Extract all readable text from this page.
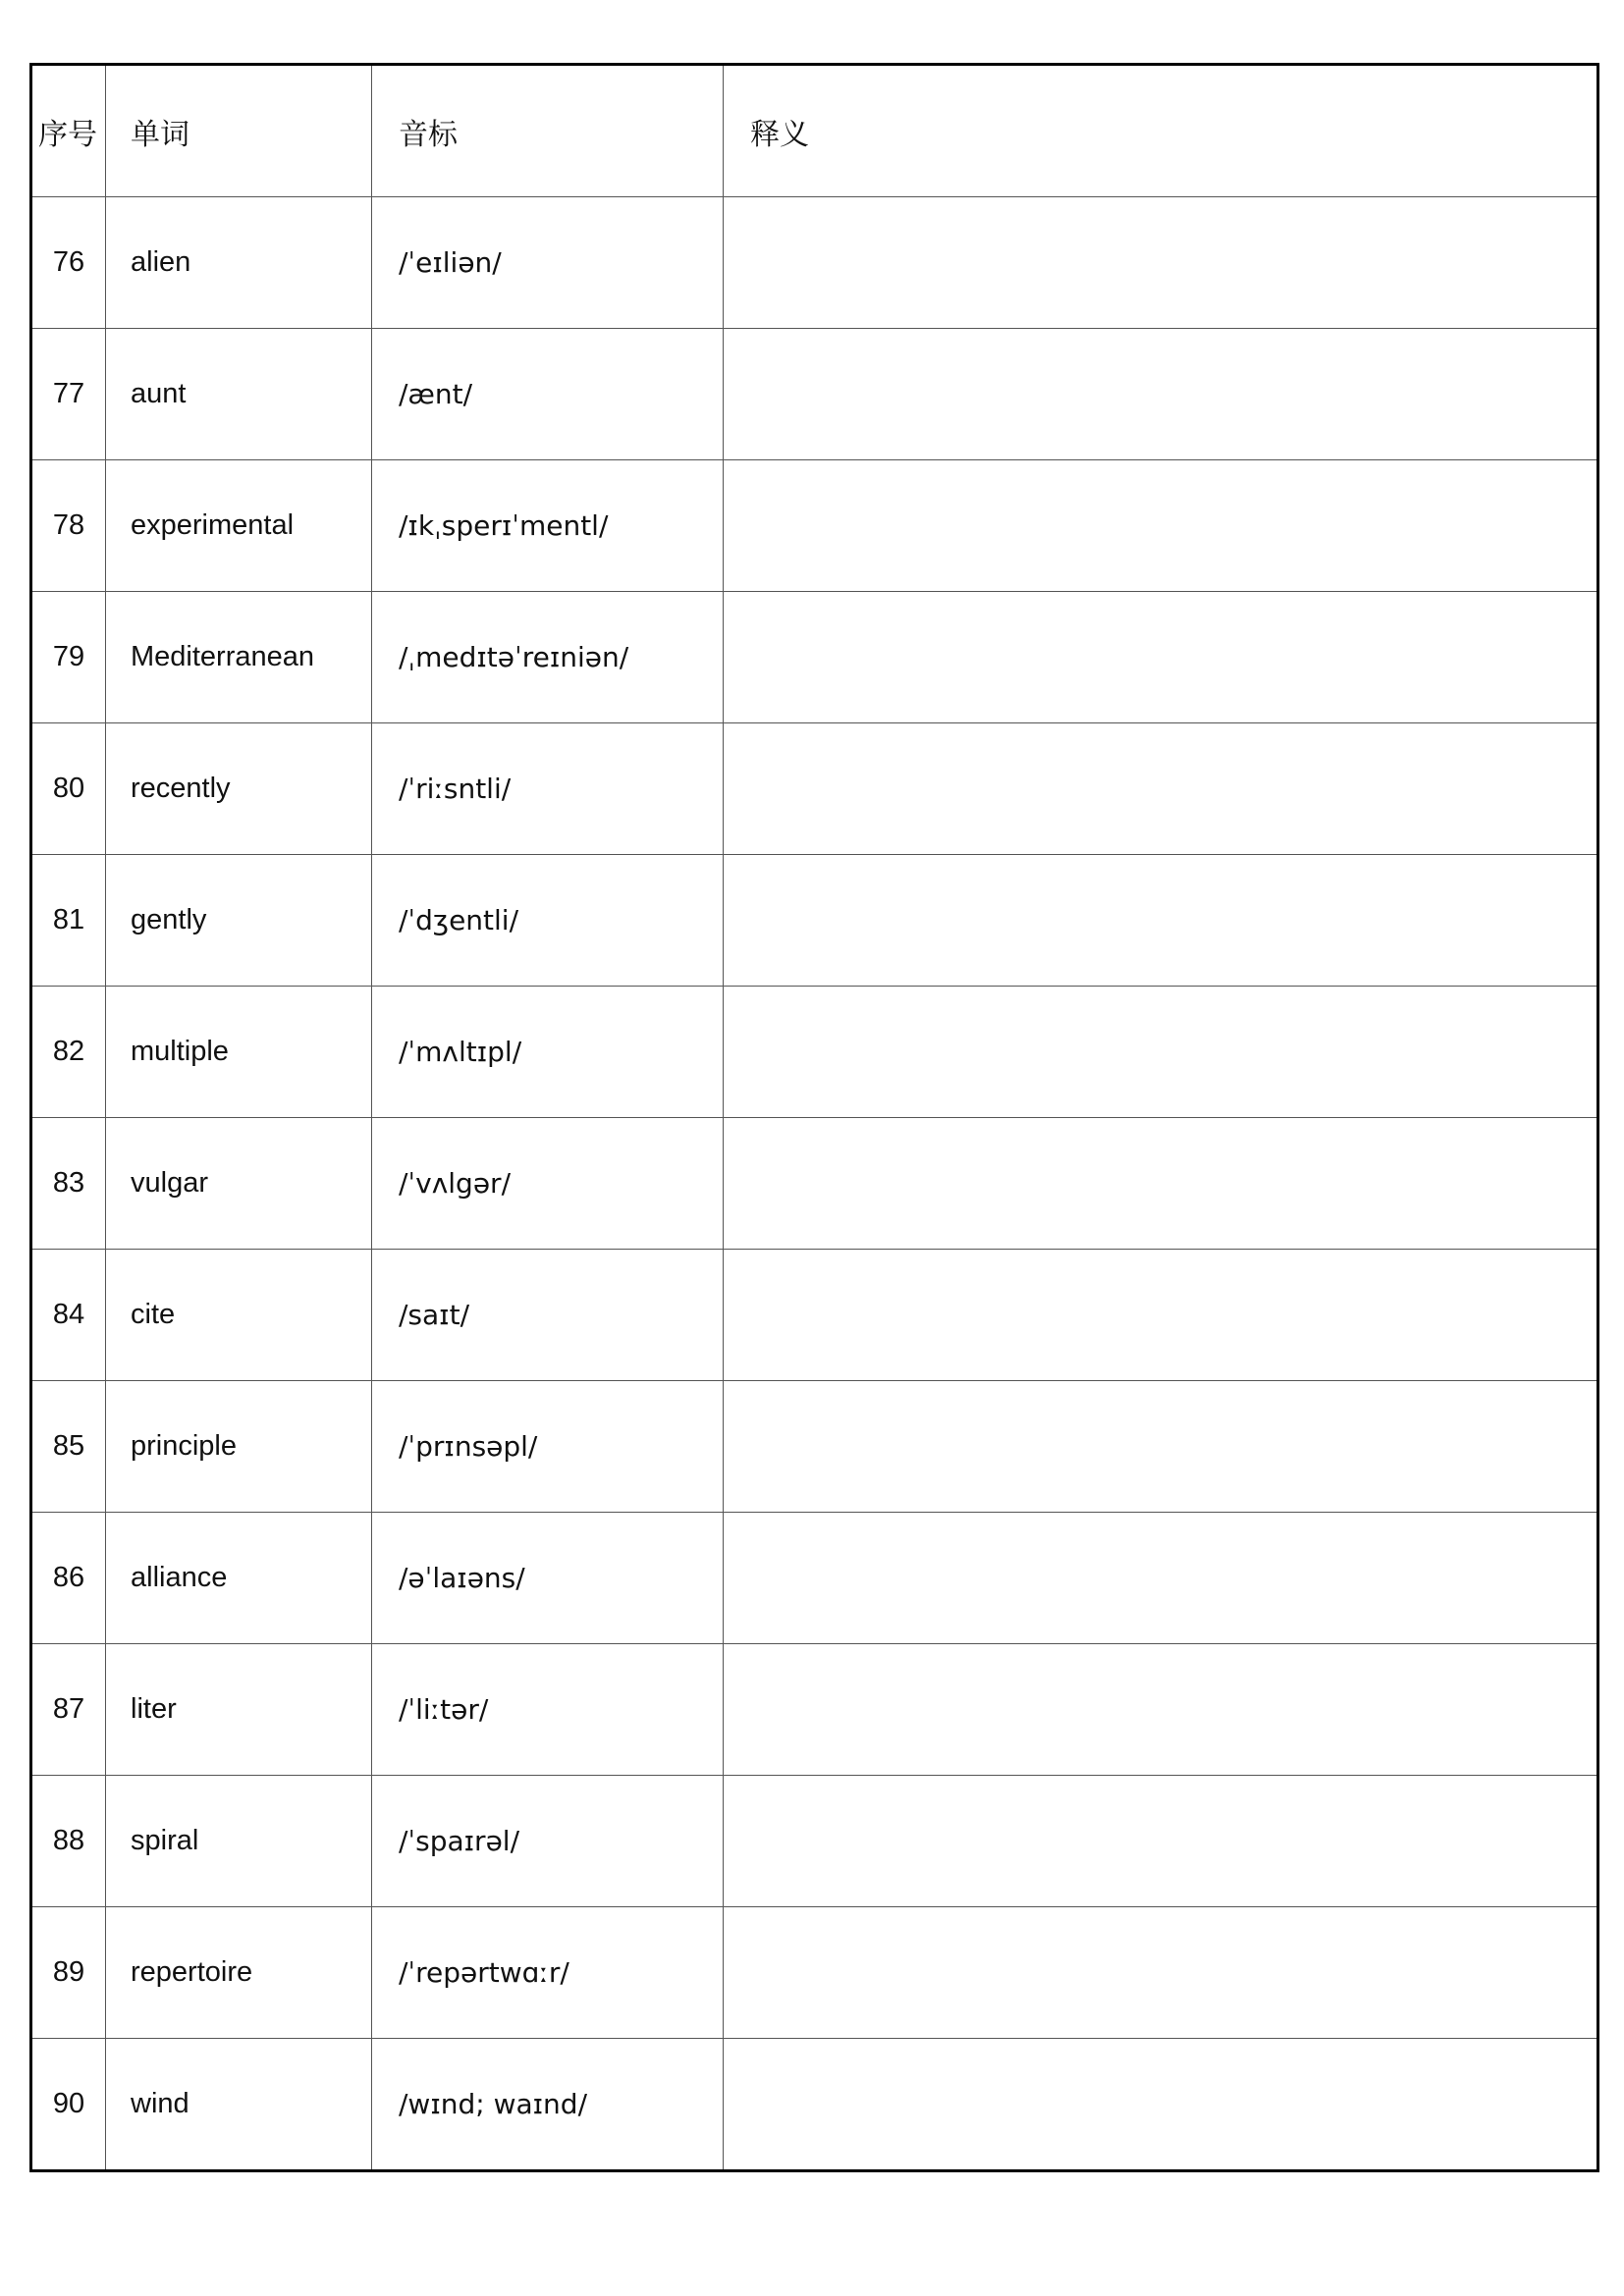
序号	单词	音标	释义
76	alien	/ˈeɪliən/	
77	aunt	/ænt/	
78	experimental	/ɪkˌsperɪˈmentl/	
79	Mediterranean	/ˌmedɪtəˈreɪniən/	
80	recently	/ˈriːsntli/	
81	gently	/ˈdʒentli/	
82	multiple	/ˈmʌltɪpl/	
83	vulgar	/ˈvʌlgər/	
84	cite	/saɪt/	
85	principle	/ˈprɪnsəpl/	
86	alliance	/əˈlaɪəns/	
87	liter	/ˈliːtər/	
88	spiral	/ˈspaɪrəl/	
89	repertoire	/ˈrepərtwɑːr/	
90	wind	/wɪnd; waɪnd/	
